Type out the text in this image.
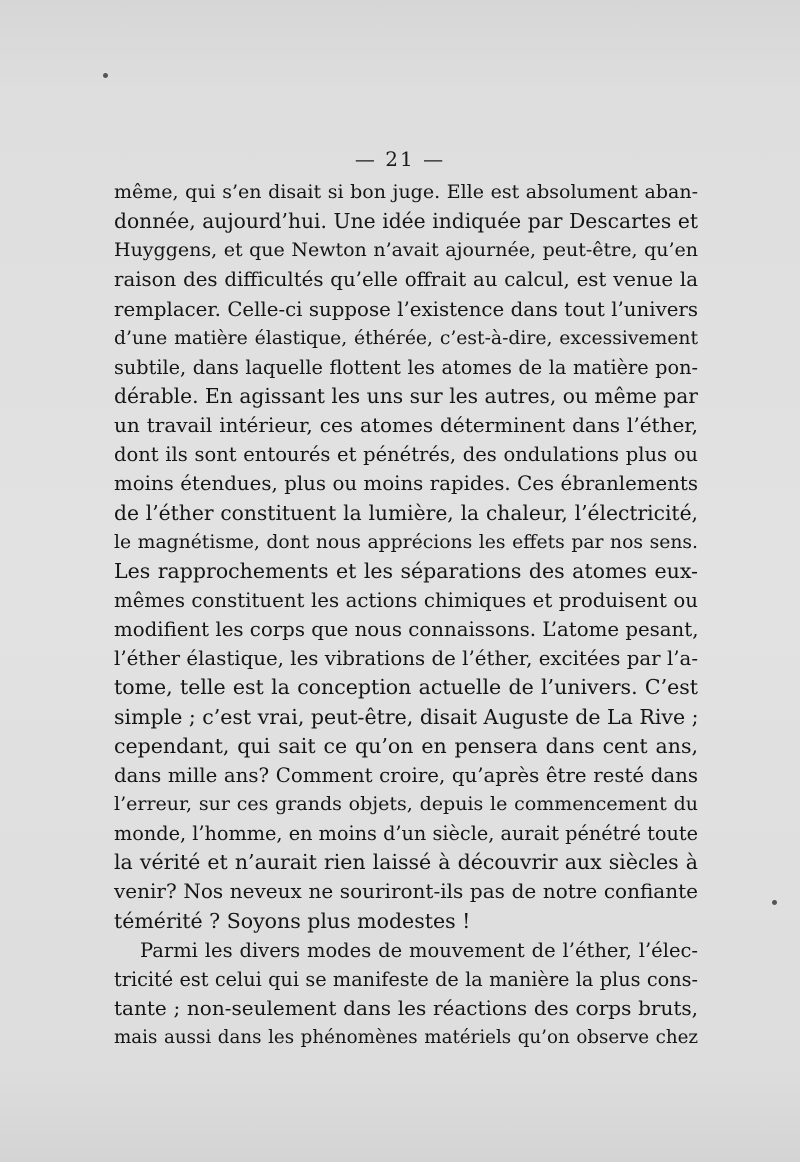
— 21 —
même, qui s’en disait si bon juge. Elle est absolument aban-
donnée, aujourd’hui. Une idée indiquée par Descartes et
Huyggens, et que Newton n’avait ajournée, peut-être, qu’en
raison des difficultés qu’elle offrait au calcul, est venue la
remplacer. Celle-ci suppose l’existence dans tout l’univers
d’une matière élastique, éthérée, c’est-à-dire, excessivement
subtile, dans laquelle flottent les atomes de la matière pon-
dérable. En agissant les uns sur les autres, ou même par
un travail intérieur, ces atomes déterminent dans l’éther,
dont ils sont entourés et pénétrés, des ondulations plus ou
moins étendues, plus ou moins rapides. Ces ébranlements
de l’éther constituent la lumière, la chaleur, l’électricité,
le magnétisme, dont nous apprécions les effets par nos sens.
Les rapprochements et les séparations des atomes eux-
mêmes constituent les actions chimiques et produisent ou
modifient les corps que nous connaissons. L’atome pesant,
l’éther élastique, les vibrations de l’éther, excitées par l’a-
tome, telle est la conception actuelle de l’univers. C’est
simple ; c’est vrai, peut-être, disait Auguste de La Rive ;
cependant, qui sait ce qu’on en pensera dans cent ans,
dans mille ans? Comment croire, qu’après être resté dans
l’erreur, sur ces grands objets, depuis le commencement du
monde, l’homme, en moins d’un siècle, aurait pénétré toute
la vérité et n’aurait rien laissé à découvrir aux siècles à
venir? Nos neveux ne souriront-ils pas de notre confiante
témérité ? Soyons plus modestes !
Parmi les divers modes de mouvement de l’éther, l’élec-
tricité est celui qui se manifeste de la manière la plus cons-
tante ; non-seulement dans les réactions des corps bruts,
mais aussi dans les phénomènes matériels qu’on observe chez
